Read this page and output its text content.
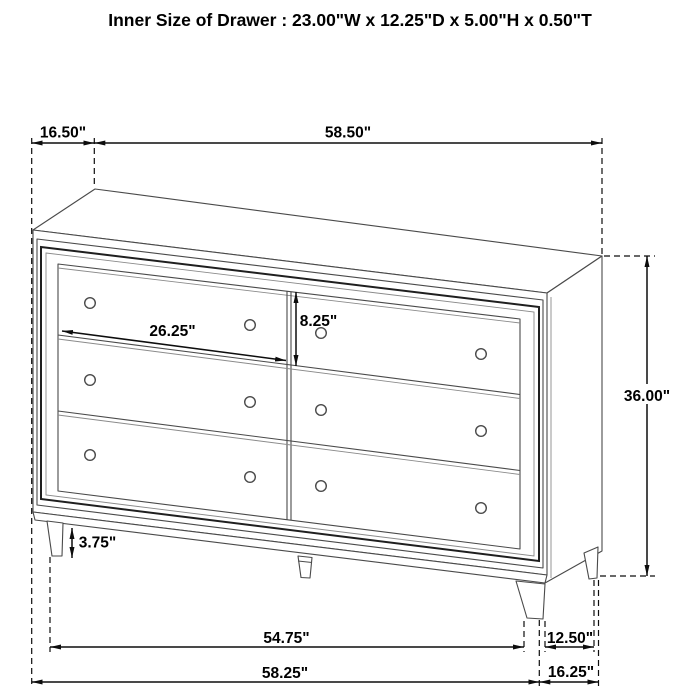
Inner Size of Drawer : 23.00"W x 12.25"D x 5.00"H x 0.50"T
16.50"	58.50"
36.00"
26.25"
8.25"
3.75"
54.75"	12.50"
58.25"	16.25"
